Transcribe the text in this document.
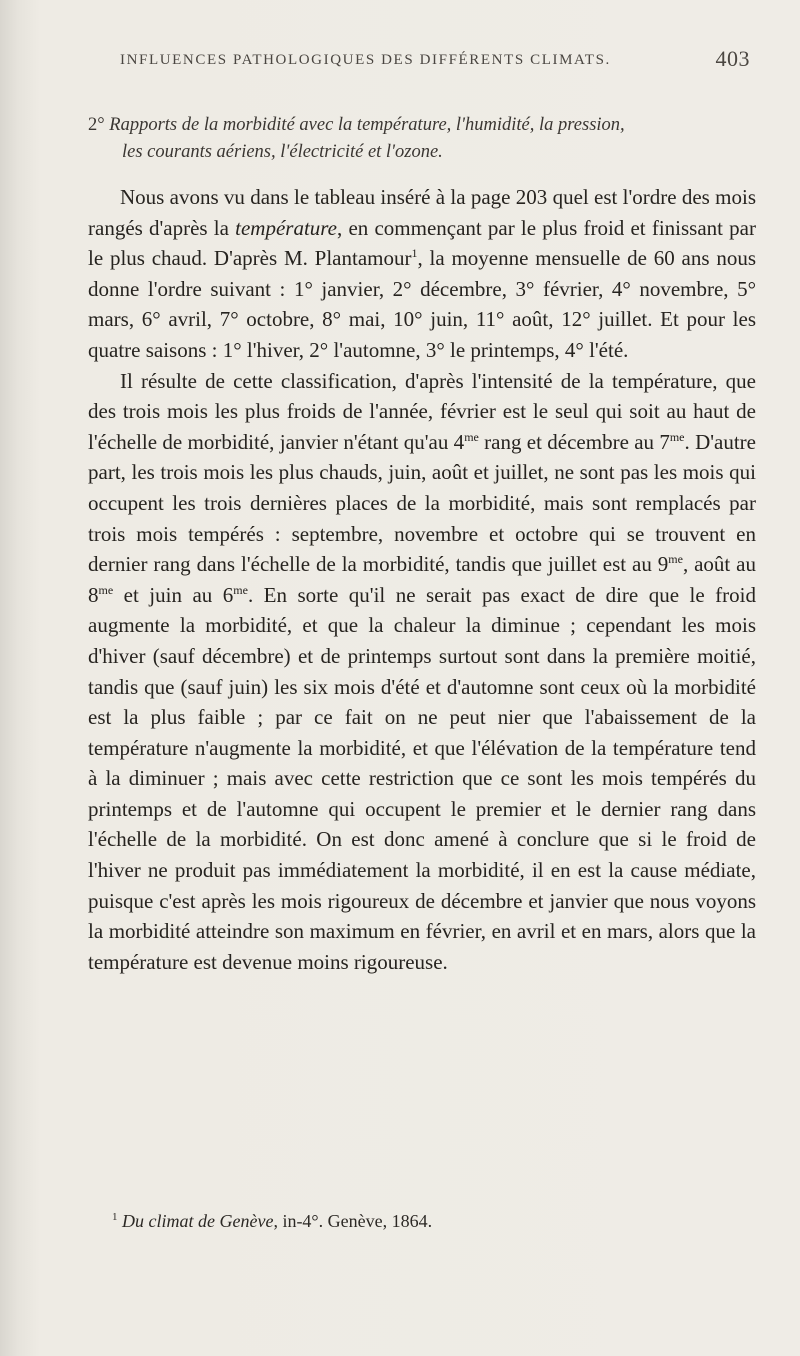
INFLUENCES PATHOLOGIQUES DES DIFFÉRENTS CLIMATS.	403
2° Rapports de la morbidité avec la température, l'humidité, la pression,
les courants aériens, l'électricité et l'ozone.

Nous avons vu dans le tableau inséré à la page 203 quel est l'ordre des mois rangés d'après la température, en commençant par le plus froid et finissant par le plus chaud. D'après M. Plantamour$^1$, la moyenne mensuelle de 60 ans nous donne l'ordre suivant : 1° janvier, 2° décembre, 3° février, 4° novembre, 5° mars, 6° avril, 7° octobre, 8° mai, 10° juin, 11° août, 12° juillet. Et pour les quatre saisons : 1° l'hiver, 2° l'automne, 3° le printemps, 4° l'été.

Il résulte de cette classification, d'après l'intensité de la température, que des trois mois les plus froids de l'année, février est le seul qui soit au haut de l'échelle de morbidité, janvier n'étant qu'au $4^{me}$ rang et décembre au $7^{me}$. D'autre part, les trois mois les plus chauds, juin, août et juillet, ne sont pas les mois qui occupent les trois dernières places de la morbidité, mais sont remplacés par trois mois tempérés : septembre, novembre et octobre qui se trouvent en dernier rang dans l'échelle de la morbidité, tandis que juillet est au $9^{me}$, août au $8^{me}$ et juin au $6^{me}$. En sorte qu'il ne serait pas exact de dire que le froid augmente la morbidité, et que la chaleur la diminue ; cependant les mois d'hiver (sauf décembre) et de printemps surtout sont dans la première moitié, tandis que (sauf juin) les six mois d'été et d'automne sont ceux où la morbidité est la plus faible ; par ce fait on ne peut nier que l'abaissement de la température n'augmente la morbidité, et que l'élévation de la température tend à la diminuer ; mais avec cette restriction que ce sont les mois tempérés du printemps et de l'automne qui occupent le premier et le dernier rang dans l'échelle de la morbidité. On est donc amené à conclure que si le froid de l'hiver ne produit pas immédiatement la morbidité, il en est la cause médiate, puisque c'est après les mois rigoureux de décembre et janvier que nous voyons la morbidité atteindre son maximum en février, en avril et en mars, alors que la température est devenue moins rigoureuse.

$^1$ Du climat de Genève, in-4°. Genève, 1864.
